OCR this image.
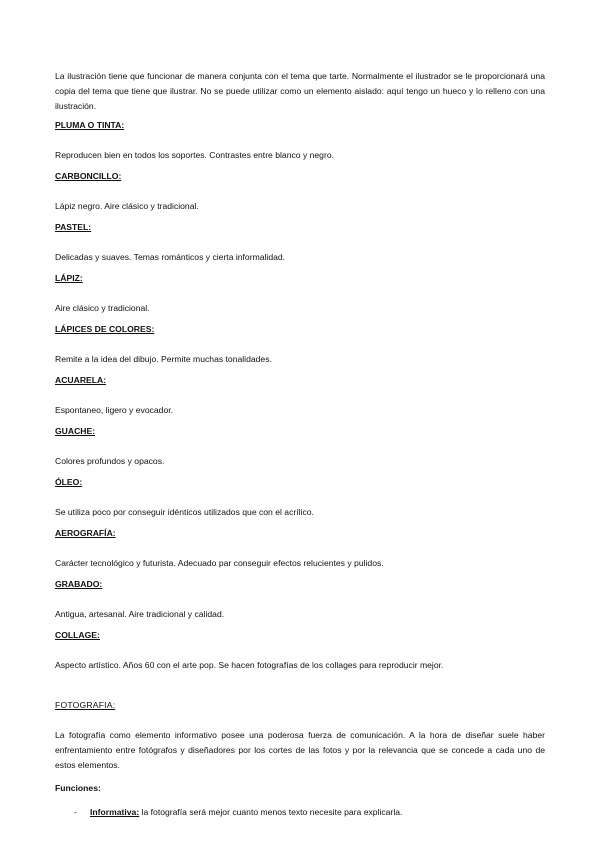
La ilustración tiene que funcionar de manera conjunta con el tema que tarte. Normalmente el ilustrador se le proporcionará una copia del tema que tiene que ilustrar. No se puede utilizar como un elemento aislado: aquí tengo un hueco y lo relleno con una ilustración.

PLUMA O TINTA:

Reproducen bien en todos los soportes. Contrastes entre blanco y negro.

CARBONCILLO:

Lápiz negro. Aire clásico y tradicional.

PASTEL:

Delicadas y suaves. Temas románticos y cierta informalidad.

LÁPIZ:

Aire clásico y tradicional.

LÁPICES DE COLORES:

Remite a la idea del dibujo. Permite muchas tonalidades.

ACUARELA:

Espontaneo, ligero y evocador.

GUACHE:

Colores profundos y opacos.

ÓLEO:

Se utiliza poco por conseguir idénticos utilizados que con el acrílico.

AEROGRAFÍA:

Carácter tecnológico y futurista. Adecuado par conseguir efectos relucientes y pulidos.

GRABADO:

Antigua, artesanal. Aire tradicional y calidad.

COLLAGE:

Aspecto artístico. Años 60 con el arte pop. Se hacen fotografías de los collages para reproducir mejor.

FOTOGRAFIA:

La fotografía como elemento informativo posee una poderosa fuerza de comunicación. A la hora de diseñar suele haber enfrentamiento entre fotógrafos y diseñadores por los cortes de las fotos y por la relevancia que se concede a cada uno de estos elementos.

Funciones:

- Informativa: la fotografía será mejor cuanto menos texto necesite para explicarla.
